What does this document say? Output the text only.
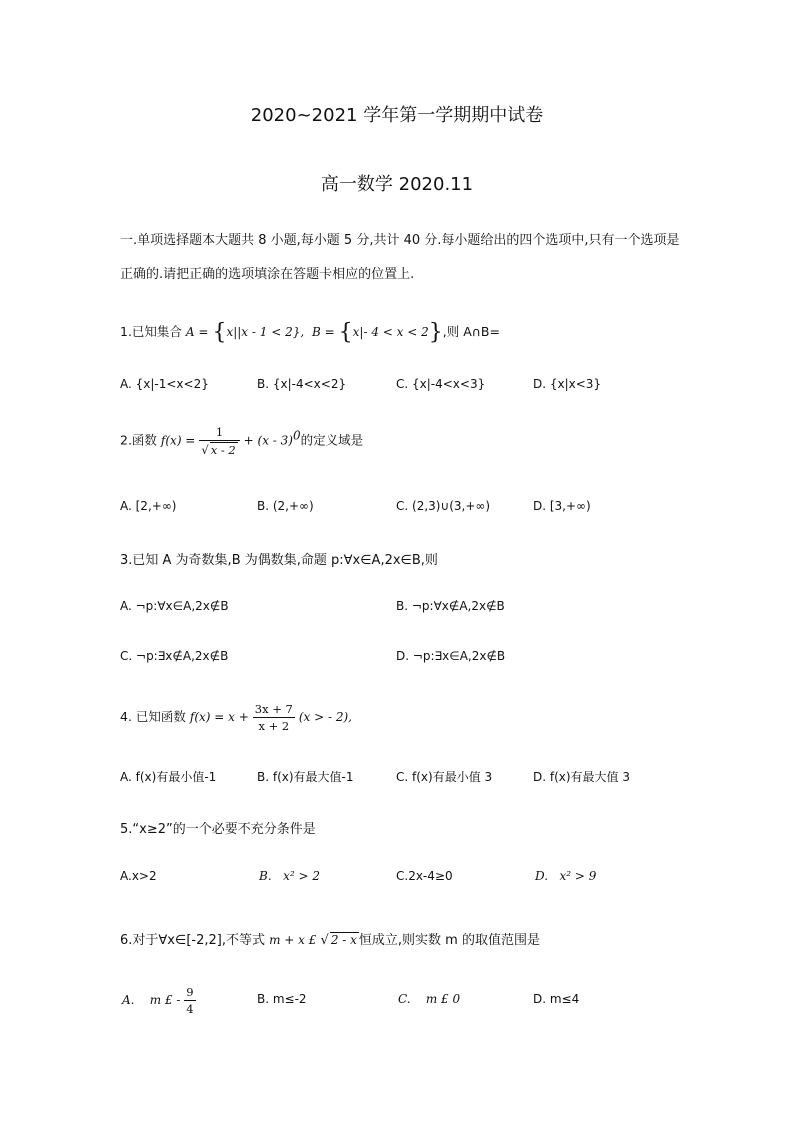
2020~2021 学年第一学期期中试卷
高一数学 2020.11
一.单项选择题本大题共 8 小题,每小题 5 分,共计 40 分.每小题给出的四个选项中,只有一个选项是正确的.请把正确的选项填涂在答题卡相应的位置上.
1.已知集合 A = {x||x - 1 < 2},  B = {x|- 4 < x < 2},则 A∩B=
A. {x|-1<x<2}	B. {x|-4<x<2}	C. {x|-4<x<3}	D. {x|x<3}
2.函数 $f(x) = \frac{1}{√ x - 2} + (x - 3)^0$的定义域是
A. [2,+∞)	B. (2,+∞)	C. (2,3)∪(3,+∞)	D. [3,+∞)
3.已知 A 为奇数集,B 为偶数集,命题 p:∀x∈A,2x∈B,则
A. ¬p:∀x∈A,2x∉B	B. ¬p:∀x∉A,2x∉B
C. ¬p:∃x∉A,2x∉B	D. ¬p:∃x∈A,2x∉B
4. 已知函数 $f(x) = x + \frac{3x + 7}{x + 2} (x$ > - 2),
A. f(x)有最小值-1	B. f(x)有最大值-1	C. f(x)有最小值 3	D. f(x)有最大值 3
5.“x≥2”的一个必要不充分条件是
A.x>2	B. x² > 2	C.2x-4≥0	D. x² > 9
6.对于∀x∈[-2,2],不等式 m + x £ √ 2 - x 恒成立,则实数 m 的取值范围是
A. m £ - $\frac{9}{4}$	B. m≤-2	C. m £ 0	D. m≤4
